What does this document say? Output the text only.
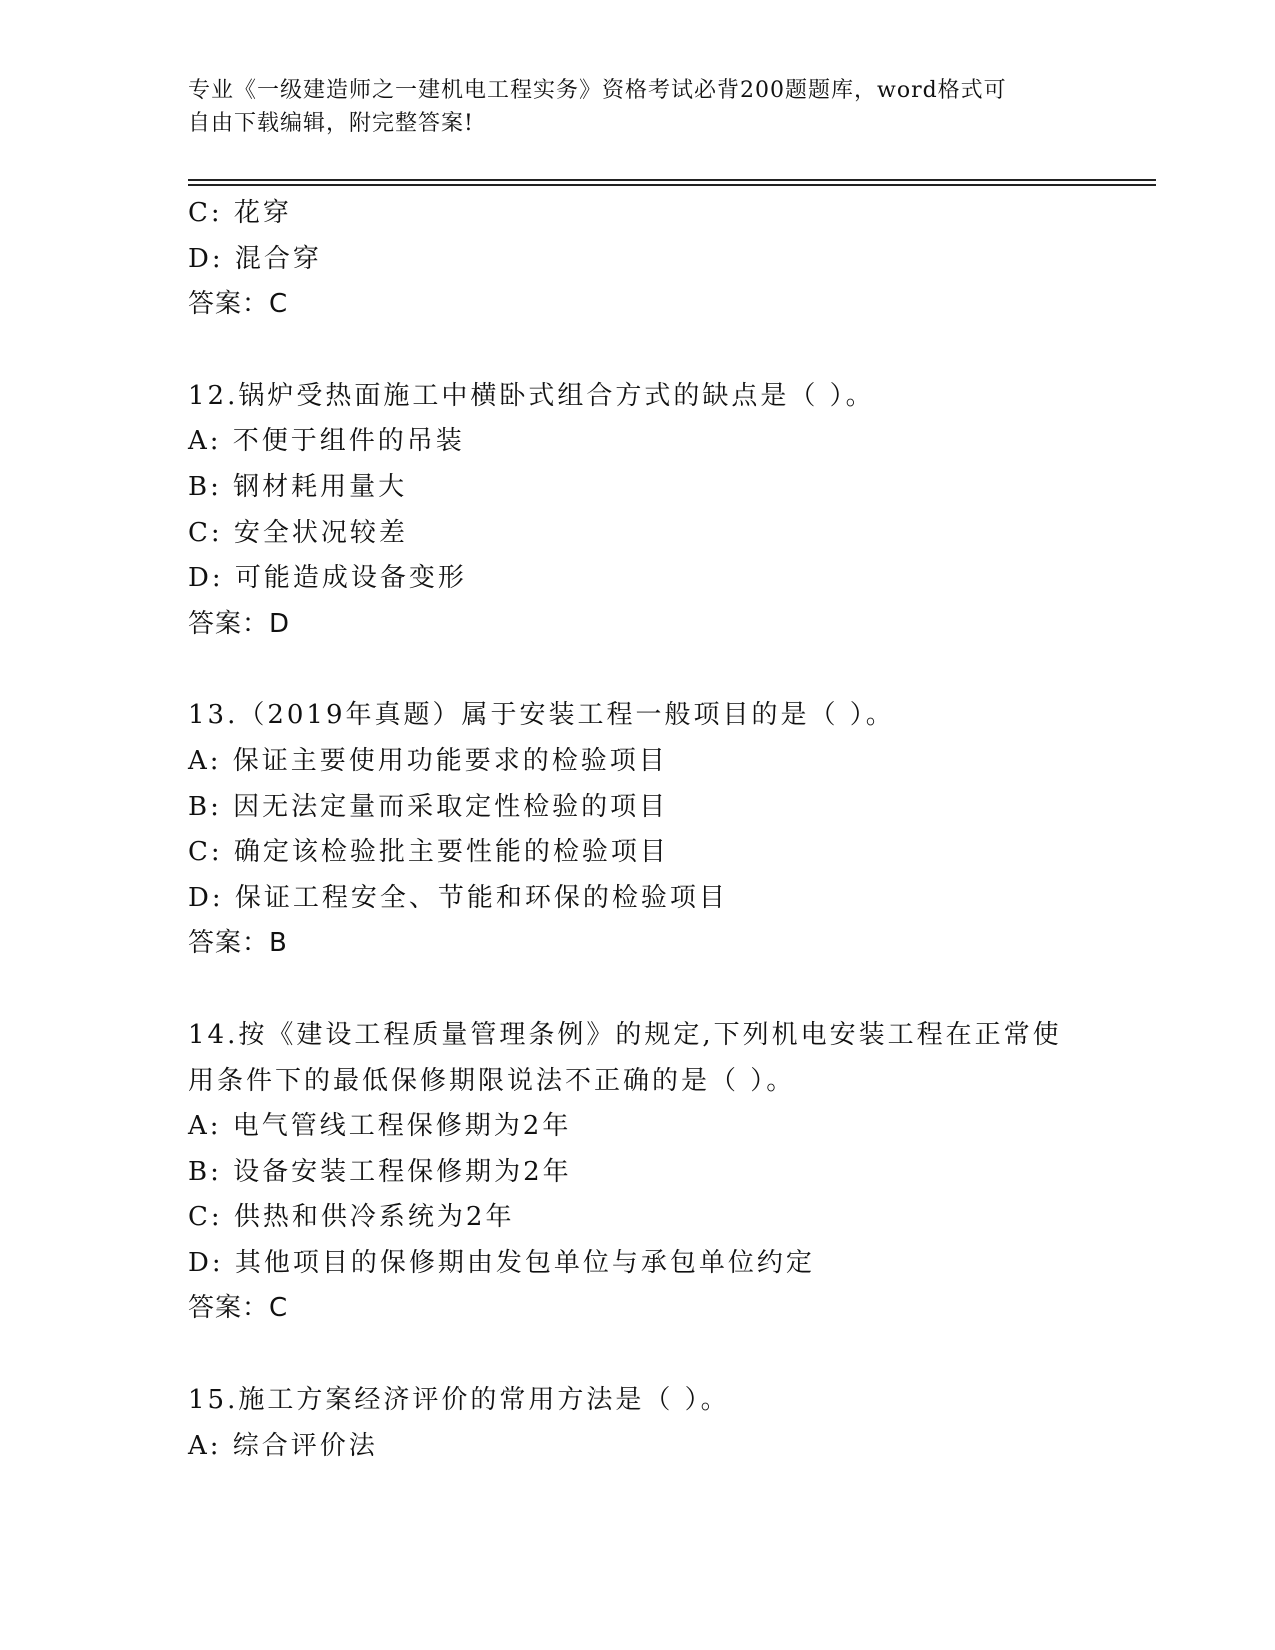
专业《一级建造师之一建机电工程实务》资格考试必背200题题库，word格式可
自由下载编辑，附完整答案!
C: 花穿
D: 混合穿
答案：C
12.锅炉受热面施工中横卧式组合方式的缺点是（ ）。
A: 不便于组件的吊装
B: 钢材耗用量大
C: 安全状况较差
D: 可能造成设备变形
答案：D
13.（2019年真题）属于安装工程一般项目的是（ ）。
A: 保证主要使用功能要求的检验项目
B: 因无法定量而采取定性检验的项目
C: 确定该检验批主要性能的检验项目
D: 保证工程安全、节能和环保的检验项目
答案：B
14.按《建设工程质量管理条例》的规定,下列机电安装工程在正常使
用条件下的最低保修期限说法不正确的是（ ）。
A: 电气管线工程保修期为2年
B: 设备安装工程保修期为2年
C: 供热和供冷系统为2年
D: 其他项目的保修期由发包单位与承包单位约定
答案：C
15.施工方案经济评价的常用方法是（ ）。
A: 综合评价法
